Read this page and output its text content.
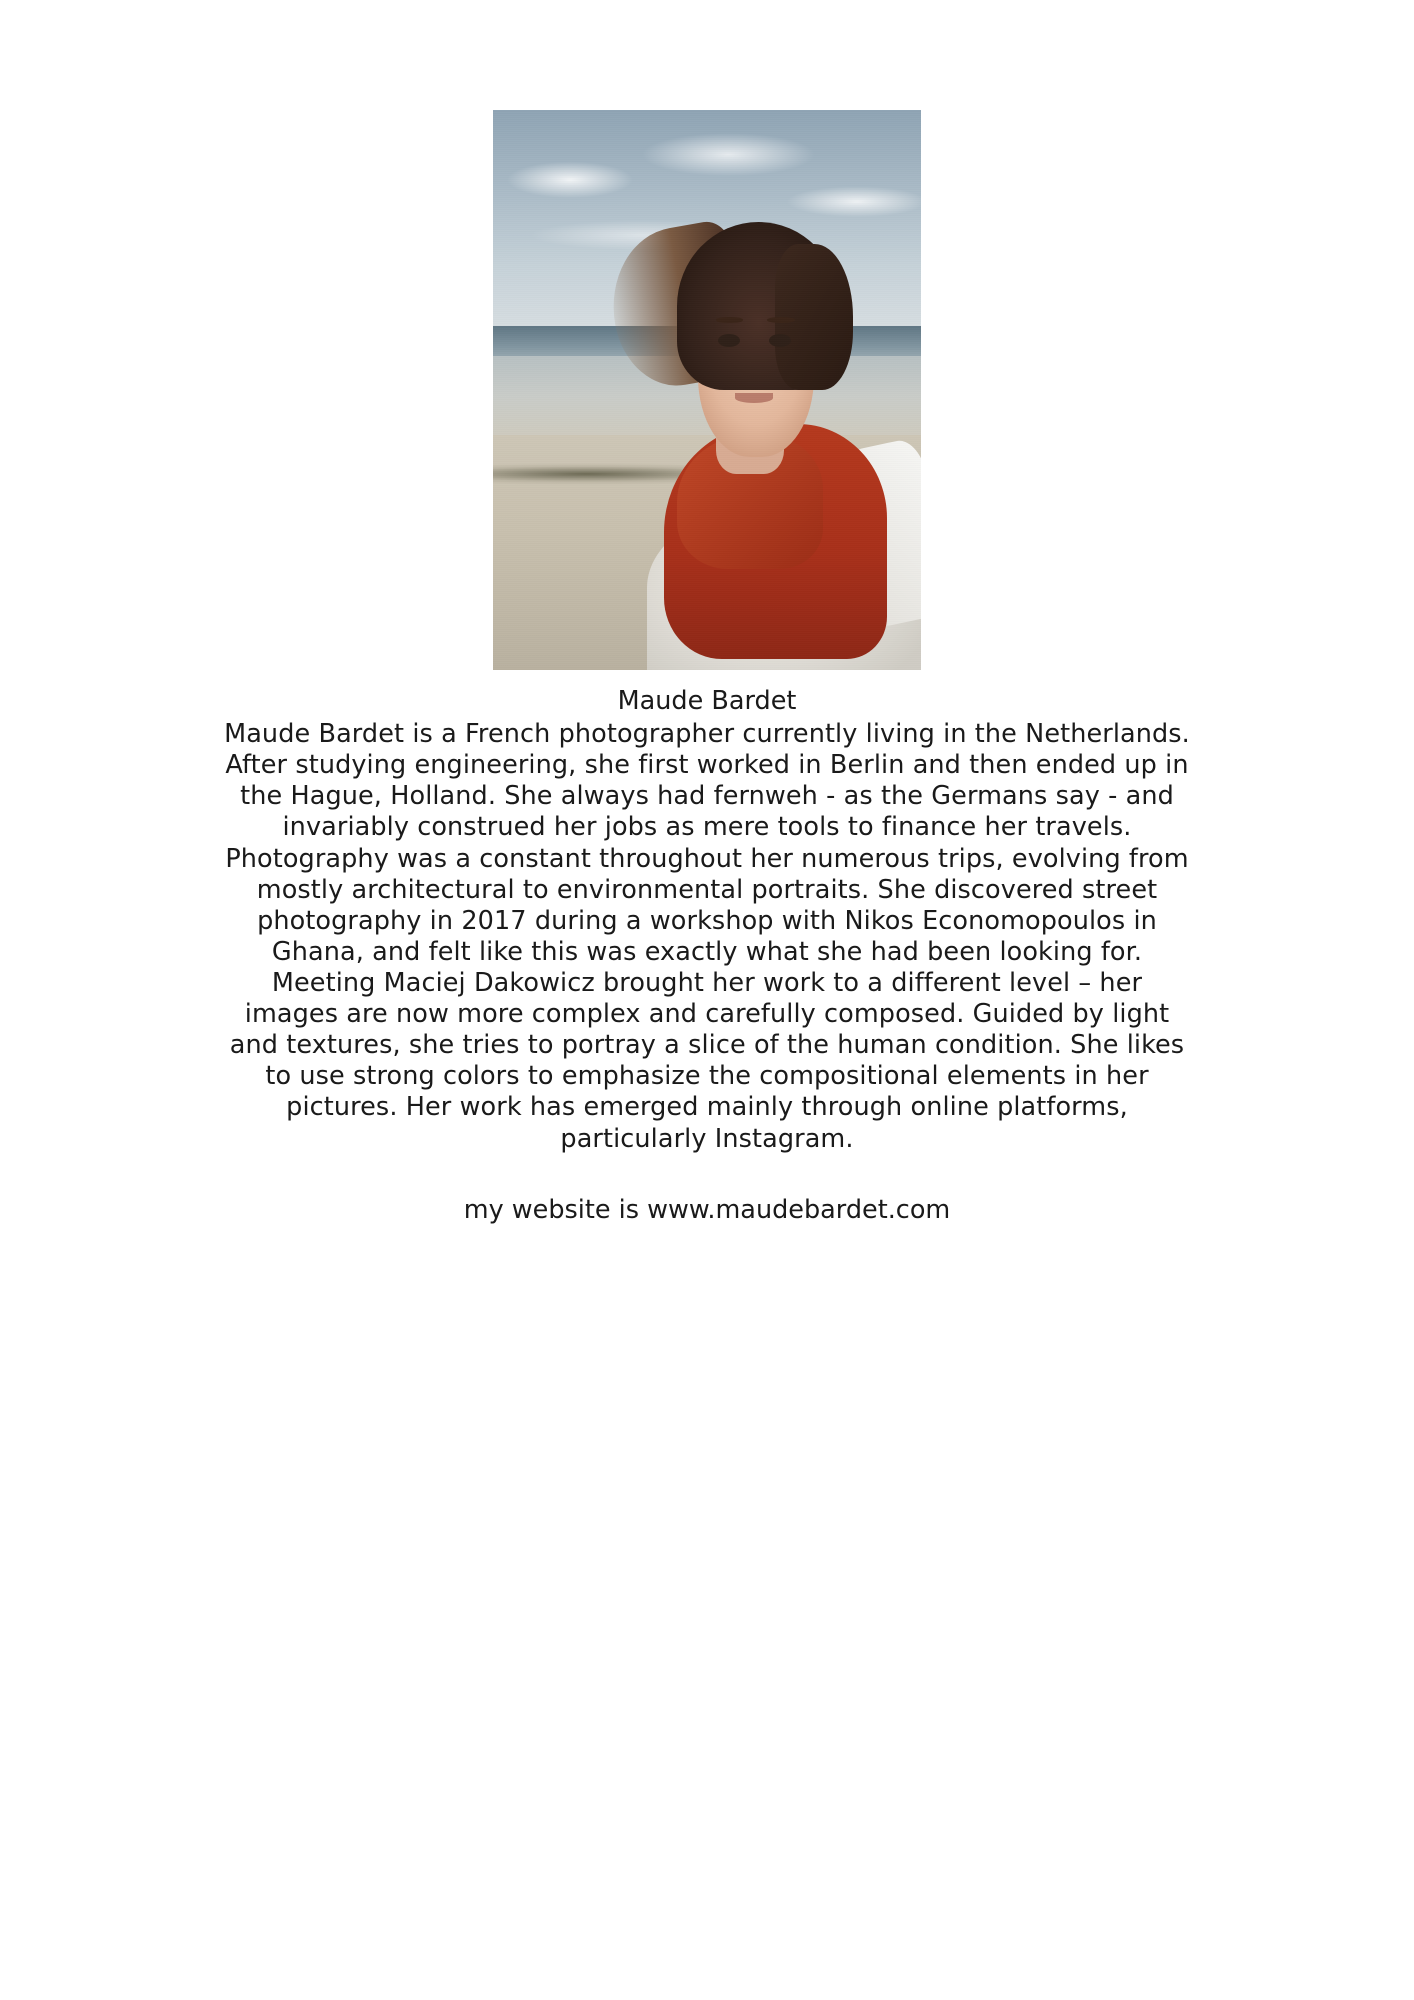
Maude Bardet
Maude Bardet is a French photographer currently living in the Netherlands. After studying engineering, she first worked in Berlin and then ended up in the Hague, Holland. She always had fernweh - as the Germans say - and invariably construed her jobs as mere tools to finance her travels. Photography was a constant throughout her numerous trips, evolving from mostly architectural to environmental portraits. She discovered street photography in 2017 during a workshop with Nikos Economopoulos in Ghana, and felt like this was exactly what she had been looking for. Meeting Maciej Dakowicz brought her work to a different level – her images are now more complex and carefully composed. Guided by light and textures, she tries to portray a slice of the human condition. She likes to use strong colors to emphasize the compositional elements in her pictures. Her work has emerged mainly through online platforms, particularly Instagram.
my website is www.maudebardet.com
